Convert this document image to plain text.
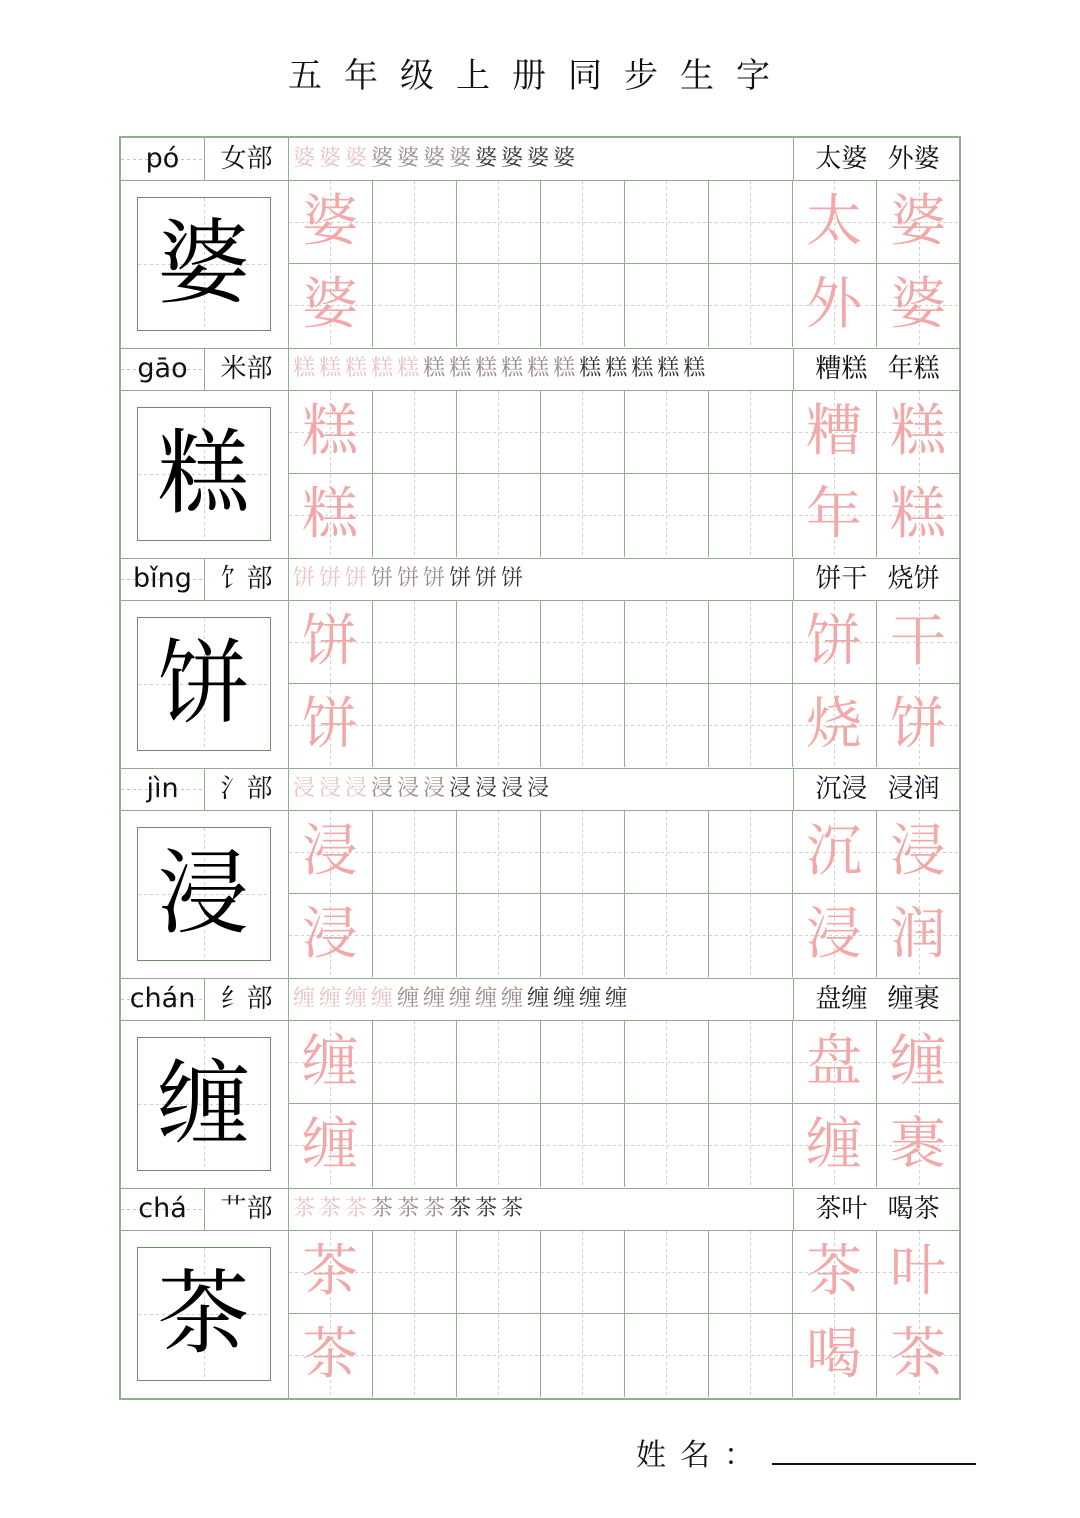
五年级上册同步生字
pó	女部 婆婆婆婆婆婆婆婆婆婆婆	太婆 外婆
婆 婆	太 婆
婆	外 婆
gāo	米部 糕糕糕糕糕糕糕糕糕糕糕糕糕糕糕糕	糟糕 年糕
糕 糕	糟 糕
糕	年 糕
bǐng	饣部 饼饼饼饼饼饼饼饼饼	饼干 烧饼
饼 饼	饼 干
饼	烧 饼
jìn	氵部 浸浸浸浸浸浸浸浸浸浸	沉浸 浸润
浸 浸	沉 浸
浸	浸 润
chán 纟部 缠缠缠缠缠缠缠缠缠缠缠缠缠	盘缠 缠裹
缠 缠	盘 缠
缠	缠 裹
chá	艹部 茶茶茶茶茶茶茶茶茶	茶叶 喝茶
茶 茶	茶 叶
茶	喝 茶
姓名：
